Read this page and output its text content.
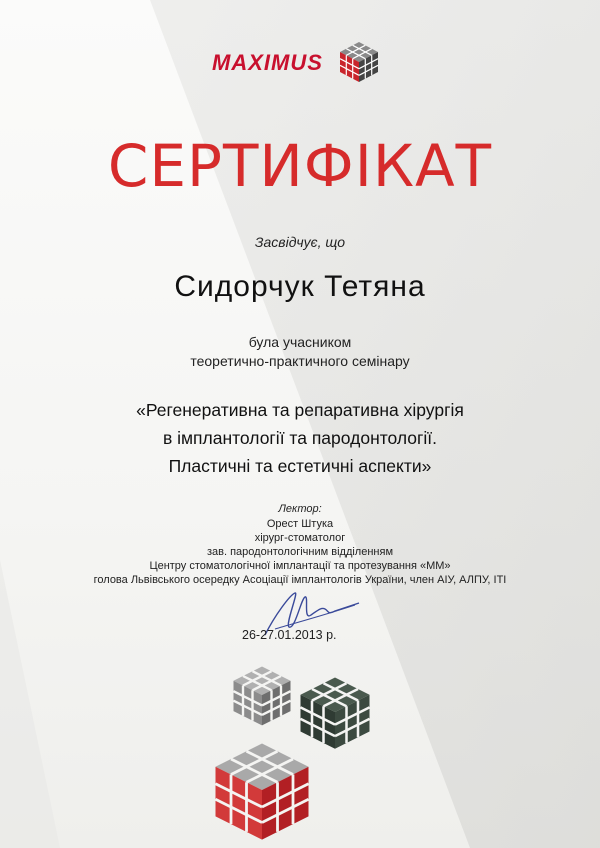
MAXIMUS
СЕРТИФІКАТ
Засвідчує, що
Сидорчук Тетяна
була учасником
теоретично-практичного семінару
«Регенеративна та репаративна хірургія
в імплантології та пародонтології.
Пластичні та естетичні аспекти»
Лектор:
Орест Штука
хірург-стоматолог
зав. пародонтологічним відділенням
Центру стоматологічної імплантації та протезування «ММ»
голова Львівського осередку Асоціації імплантологів України, член АІУ, АЛПУ, ІТІ
26-27.01.2013 р.
